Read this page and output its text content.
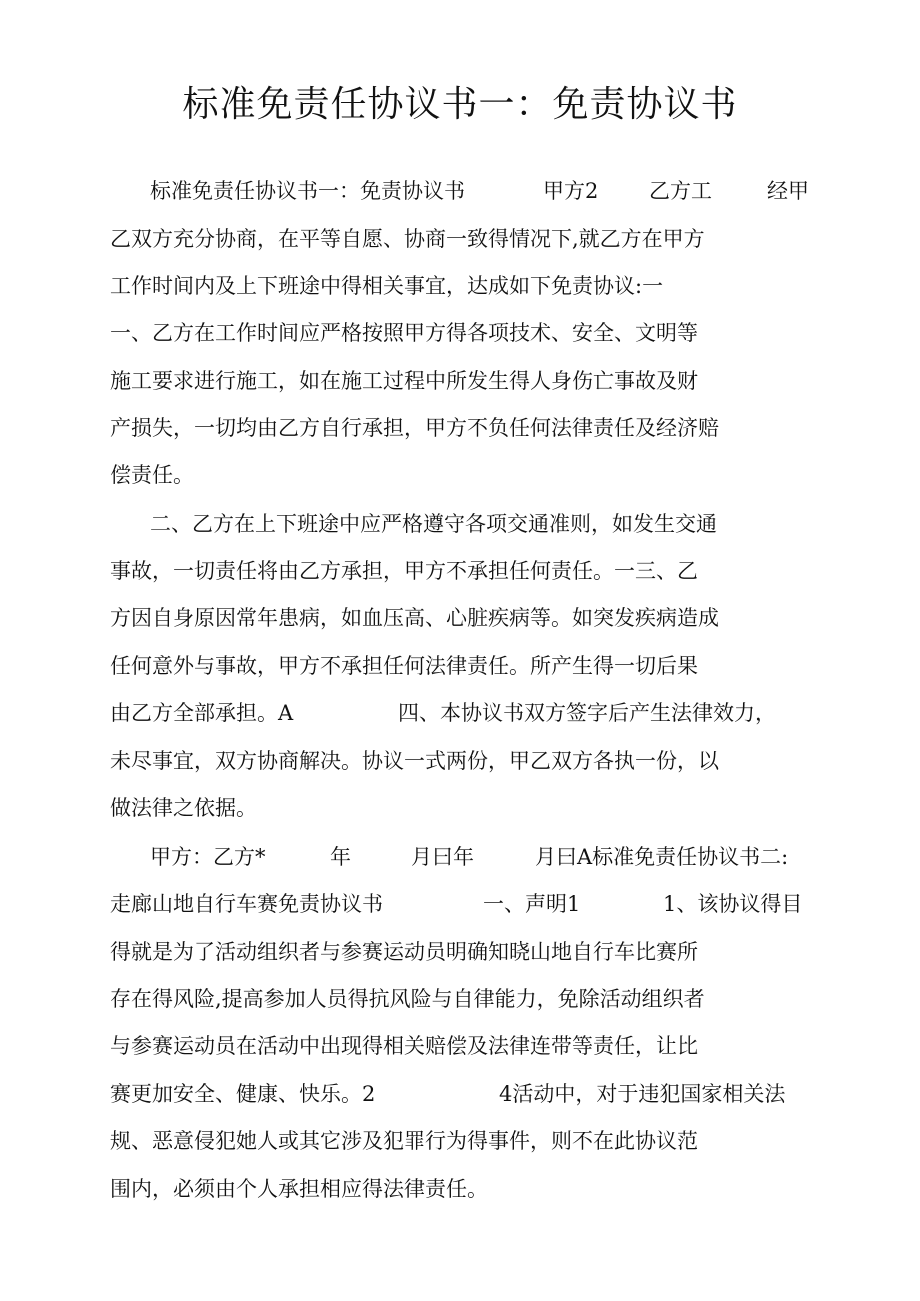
标准免责任协议书一：免责协议书
标准免责任协议书一：免责协议书	甲方2 乙方工	经甲
乙双方充分协商，在平等自愿、协商一致得情况下,就乙方在甲方
工作时间内及上下班途中得相关事宜，达成如下免责协议:一
一、乙方在工作时间应严格按照甲方得各项技术、安全、文明等
施工要求进行施工，如在施工过程中所发生得人身伤亡事故及财
产损失，一切均由乙方自行承担，甲方不负任何法律责任及经济赔
偿责任。
二、乙方在上下班途中应严格遵守各项交通准则，如发生交通
事故，一切责任将由乙方承担，甲方不承担任何责任。一三、乙
方因自身原因常年患病，如血压高、心脏疾病等。如突发疾病造成
任何意外与事故，甲方不承担任何法律责任。所产生得一切后果
由乙方全部承担。A	四、本协议书双方签字后产生法律效力，
未尽事宜，双方协商解决。协议一式两份，甲乙双方各执一份，以
做法律之依据。
甲方：乙方*	年	月曰年	月曰A标准免责任协议书二:
走廊山地自行车赛免责协议书	一、声明1	1、该协议得目
得就是为了活动组织者与参赛运动员明确知晓山地自行车比赛所
存在得风险,提高参加人员得抗风险与自律能力，免除活动组织者
与参赛运动员在活动中出现得相关赔偿及法律连带等责任，让比
赛更加安全、健康、快乐。2	4活动中，对于违犯国家相关法
规、恶意侵犯她人或其它涉及犯罪行为得事件，则不在此协议范
围内，必须由个人承担相应得法律责任。
